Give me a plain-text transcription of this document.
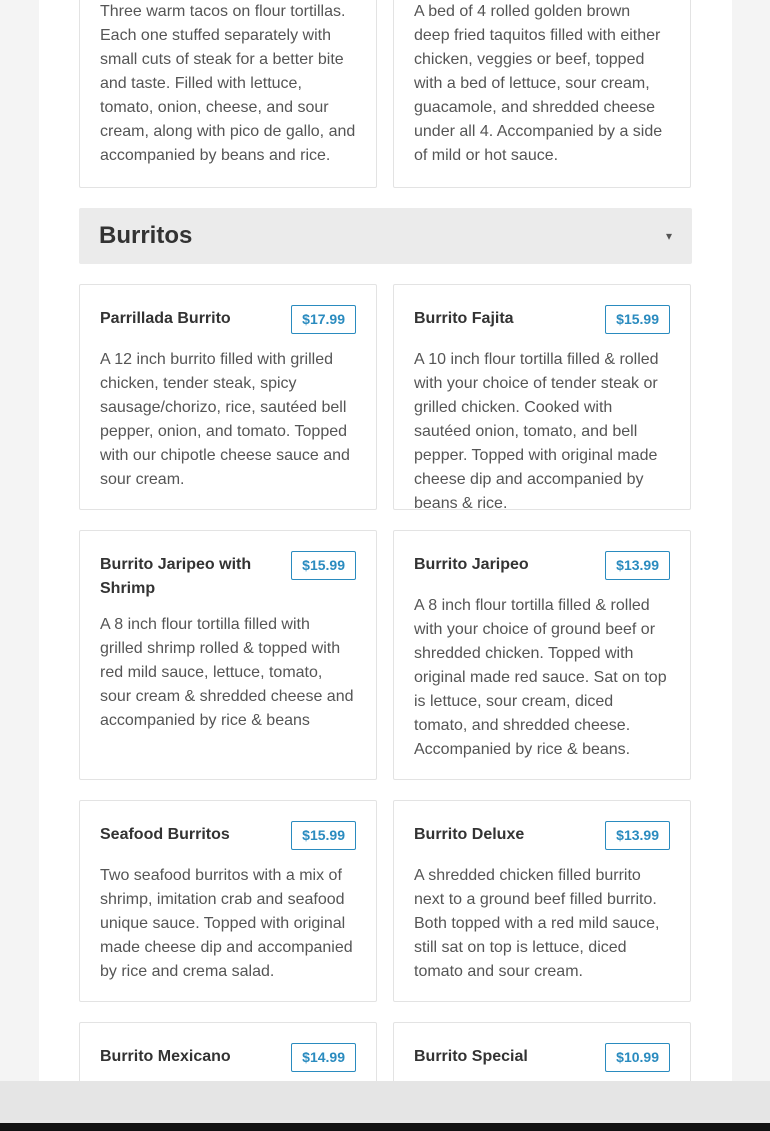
Three warm tacos on flour tortillas. Each one stuffed separately with small cuts of steak for a better bite and taste. Filled with lettuce, tomato, onion, cheese, and sour cream, along with pico de gallo, and accompanied by beans and rice.
A bed of 4 rolled golden brown deep fried taquitos filled with either chicken, veggies or beef, topped with a bed of lettuce, sour cream, guacamole, and shredded cheese under all 4. Accompanied by a side of mild or hot sauce.
Burritos	▾
Parrillada Burrito	$17.99
A 12 inch burrito filled with grilled chicken, tender steak, spicy sausage/chorizo, rice, sautéed bell pepper, onion, and tomato. Topped with our chipotle cheese sauce and sour cream.
Burrito Fajita	$15.99
A 10 inch flour tortilla filled & rolled with your choice of tender steak or grilled chicken. Cooked with sautéed onion, tomato, and bell pepper. Topped with original made cheese dip and accompanied by beans & rice.
Burrito Jaripeo with Shrimp
$15.99
A 8 inch flour tortilla filled with grilled shrimp rolled & topped with red mild sauce, lettuce, tomato, sour cream & shredded cheese and accompanied by rice & beans
Burrito Jaripeo	$13.99
A 8 inch flour tortilla filled & rolled with your choice of ground beef or shredded chicken. Topped with original made red sauce. Sat on top is lettuce, sour cream, diced tomato, and shredded cheese. Accompanied by rice & beans.
Seafood Burritos	$15.99
Two seafood burritos with a mix of shrimp, imitation crab and seafood unique sauce. Topped with original made cheese dip and accompanied by rice and crema salad.
Burrito Deluxe	$13.99
A shredded chicken filled burrito next to a ground beef filled burrito. Both topped with a red mild sauce, still sat on top is lettuce, diced tomato and sour cream.
Burrito Mexicano	$14.99	Burrito Special	$10.99
